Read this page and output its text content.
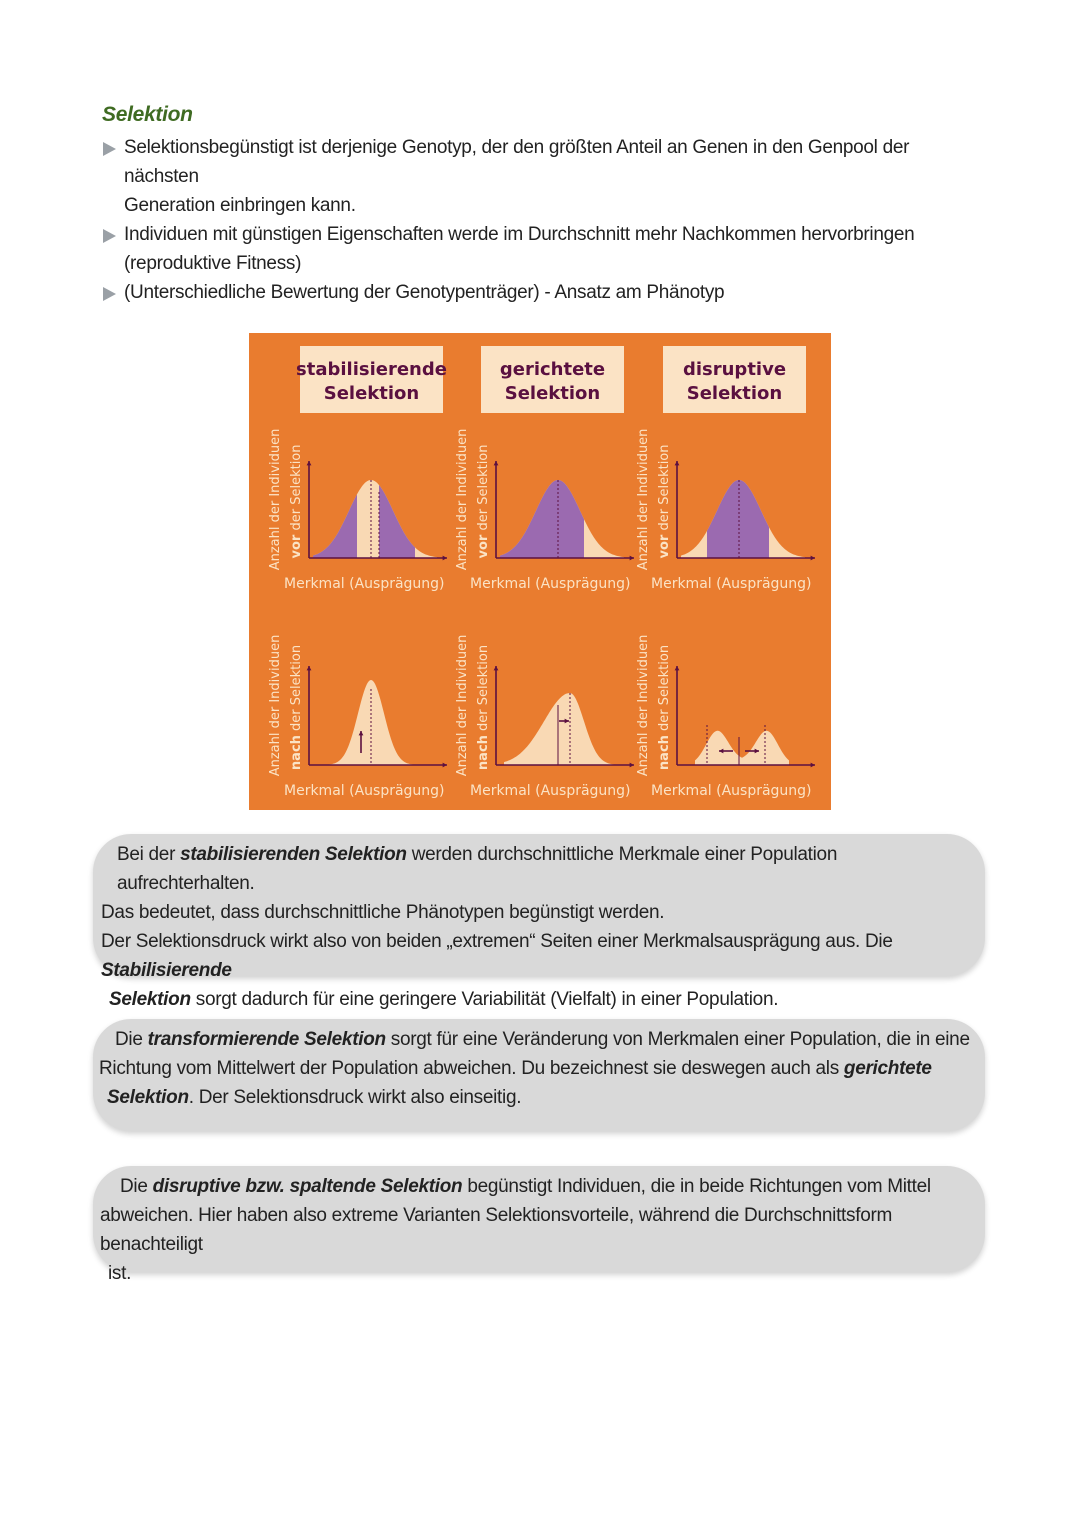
Selektion
Selektionsbegünstigt ist derjenige Genotyp, der den größten Anteil an Genen in den Genpool der nächsten
Generation einbringen kann.
Individuen mit günstigen Eigenschaften werde im Durchschnitt mehr Nachkommen hervorbringen
(reproduktive Fitness)
(Unterschiedliche Bewertung der Genotypenträger) - Ansatz am Phänotyp
stabilisierende
Selektion
Anzahl der Individuen vor der Selektion
Merkmal (Ausprägung)
Anzahl der Individuen nach der Selektion
Merkmal (Ausprägung)
gerichtete
Selektion
Anzahl der Individuen vor der Selektion
Merkmal (Ausprägung)
Anzahl der Individuen nach der Selektion
Merkmal (Ausprägung)
disruptive
Selektion
Anzahl der Individuen vor der Selektion
Merkmal (Ausprägung)
Anzahl der Individuen nach der Selektion
Merkmal (Ausprägung)

Bei der stabilisierenden Selektion werden durchschnittliche Merkmale einer Population aufrechterhalten.

Das bedeutet, dass durchschnittliche Phänotypen begünstigt werden.

Der Selektionsdruck wirkt also von beiden „extremen“ Seiten einer Merkmalsausprägung aus. Die Stabilisierende

Selektion sorgt dadurch für eine geringere Variabilität (Vielfalt) in einer Population.

Die transformierende Selektion sorgt für eine Veränderung von Merkmalen einer Population, die in eine

Richtung vom Mittelwert der Population abweichen. Du bezeichnest sie deswegen auch als gerichtete

Selektion. Der Selektionsdruck wirkt also einseitig.

Die disruptive bzw. spaltende Selektion begünstigt Individuen, die in beide Richtungen vom Mittel

abweichen. Hier haben also extreme Varianten Selektionsvorteile, während die Durchschnittsform benachteiligt

ist.
